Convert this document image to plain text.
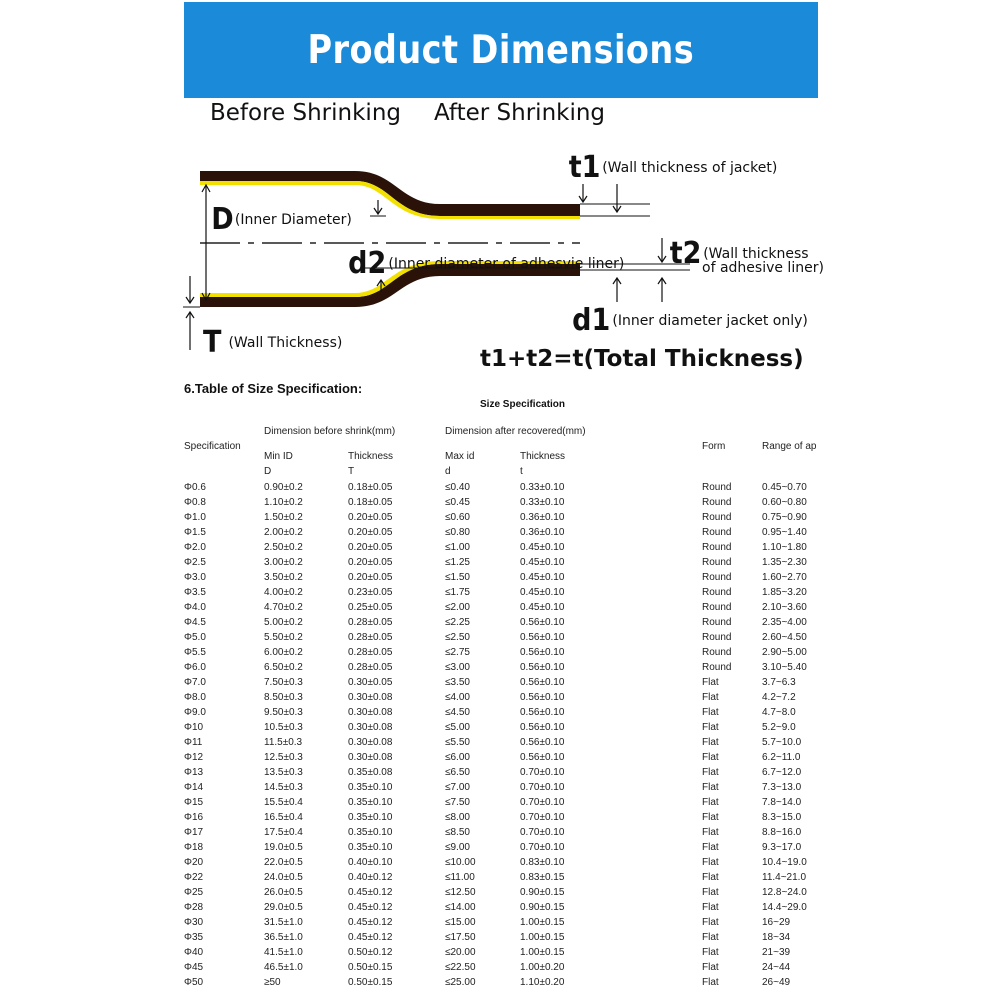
Product Dimensions
Before Shrinking After Shrinking
t1 (Wall thickness of jacket)
D(Inner Diameter)
t2 (Wall thickness
of adhesive liner)
d2 (Inner diameter of adhesvie liner)
d1 (Inner diameter jacket only)
T (Wall Thickness)
t1+t2=t(Total Thickness)
6.Table of Size Specification:
Size Specification
Specification
Dimension before shrink(mm)	Dimension after recovered(mm)
Form	Range of ap
Min ID	Thickness	Max id	Thickness
D	T	d	t
Φ0.6	0.90±0.2	0.18±0.05	≤0.40	0.33±0.10	Round	0.45~0.70
Φ0.8	1.10±0.2	0.18±0.05	≤0.45	0.33±0.10	Round	0.60~0.80
Φ1.0	1.50±0.2	0.20±0.05	≤0.60	0.36±0.10	Round	0.75~0.90
Φ1.5	2.00±0.2	0.20±0.05	≤0.80	0.36±0.10	Round	0.95~1.40
Φ2.0	2.50±0.2	0.20±0.05	≤1.00	0.45±0.10	Round	1.10~1.80
Φ2.5	3.00±0.2	0.20±0.05	≤1.25	0.45±0.10	Round	1.35~2.30
Φ3.0	3.50±0.2	0.20±0.05	≤1.50	0.45±0.10	Round	1.60~2.70
Φ3.5	4.00±0.2	0.23±0.05	≤1.75	0.45±0.10	Round	1.85~3.20
Φ4.0	4.70±0.2	0.25±0.05	≤2.00	0.45±0.10	Round	2.10~3.60
Φ4.5	5.00±0.2	0.28±0.05	≤2.25	0.56±0.10	Round	2.35~4.00
Φ5.0	5.50±0.2	0.28±0.05	≤2.50	0.56±0.10	Round	2.60~4.50
Φ5.5	6.00±0.2	0.28±0.05	≤2.75	0.56±0.10	Round	2.90~5.00
Φ6.0	6.50±0.2	0.28±0.05	≤3.00	0.56±0.10	Round	3.10~5.40
Φ7.0	7.50±0.3	0.30±0.05	≤3.50	0.56±0.10	Flat	3.7~6.3
Φ8.0	8.50±0.3	0.30±0.08	≤4.00	0.56±0.10	Flat	4.2~7.2
Φ9.0	9.50±0.3	0.30±0.08	≤4.50	0.56±0.10	Flat	4.7~8.0
Φ10	10.5±0.3	0.30±0.08	≤5.00	0.56±0.10	Flat	5.2~9.0
Φ11	11.5±0.3	0.30±0.08	≤5.50	0.56±0.10	Flat	5.7~10.0
Φ12	12.5±0.3	0.30±0.08	≤6.00	0.56±0.10	Flat	6.2~11.0
Φ13	13.5±0.3	0.35±0.08	≤6.50	0.70±0.10	Flat	6.7~12.0
Φ14	14.5±0.3	0.35±0.10	≤7.00	0.70±0.10	Flat	7.3~13.0
Φ15	15.5±0.4	0.35±0.10	≤7.50	0.70±0.10	Flat	7.8~14.0
Φ16	16.5±0.4	0.35±0.10	≤8.00	0.70±0.10	Flat	8.3~15.0
Φ17	17.5±0.4	0.35±0.10	≤8.50	0.70±0.10	Flat	8.8~16.0
Φ18	19.0±0.5	0.35±0.10	≤9.00	0.70±0.10	Flat	9.3~17.0
Φ20	22.0±0.5	0.40±0.10	≤10.00	0.83±0.10	Flat	10.4~19.0
Φ22	24.0±0.5	0.40±0.12	≤11.00	0.83±0.15	Flat	11.4~21.0
Φ25	26.0±0.5	0.45±0.12	≤12.50	0.90±0.15	Flat	12.8~24.0
Φ28	29.0±0.5	0.45±0.12	≤14.00	0.90±0.15	Flat	14.4~29.0
Φ30	31.5±1.0	0.45±0.12	≤15.00	1.00±0.15	Flat	16~29
Φ35	36.5±1.0	0.45±0.12	≤17.50	1.00±0.15	Flat	18~34
Φ40	41.5±1.0	0.50±0.12	≤20.00	1.00±0.15	Flat	21~39
Φ45	46.5±1.0	0.50±0.15	≤22.50	1.00±0.20	Flat	24~44
Φ50	≥50	0.50±0.15	≤25.00	1.10±0.20	Flat	26~49
